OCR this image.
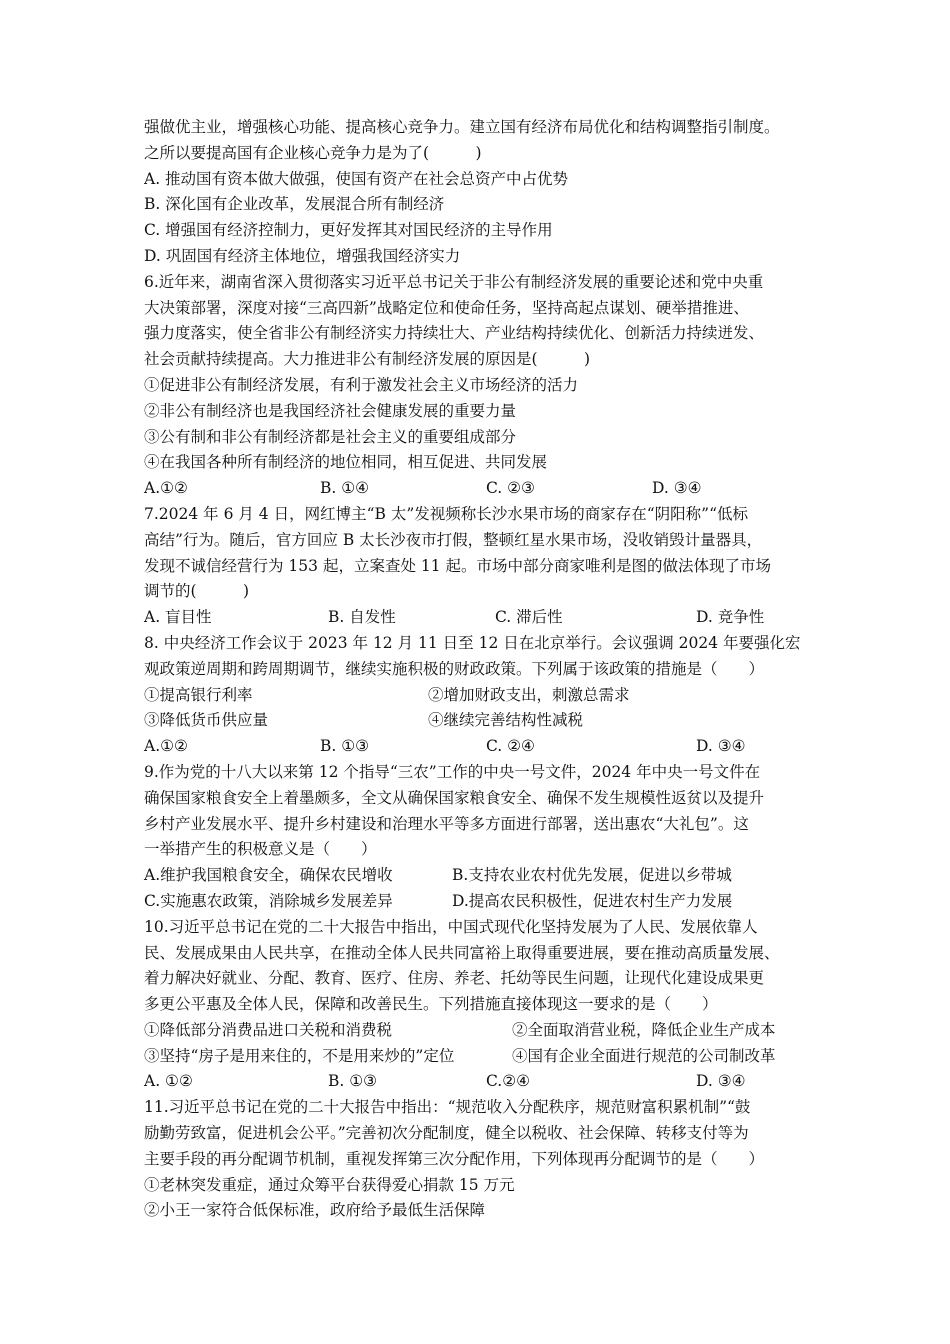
强做优主业，增强核心功能、提高核心竞争力。建立国有经济布局优化和结构调整指引制度。
之所以要提高国有企业核心竞争力是为了(　　　)
A. 推动国有资本做大做强，使国有资产在社会总资产中占优势
B. 深化国有企业改革，发展混合所有制经济
C. 增强国有经济控制力，更好发挥其对国民经济的主导作用
D. 巩固国有经济主体地位，增强我国经济实力
6.近年来，湖南省深入贯彻落实习近平总书记关于非公有制经济发展的重要论述和党中央重
大决策部署，深度对接“三高四新”战略定位和使命任务，坚持高起点谋划、硬举措推进、
强力度落实，使全省非公有制经济实力持续壮大、产业结构持续优化、创新活力持续迸发、
社会贡献持续提高。大力推进非公有制经济发展的原因是(　　　)
①促进非公有制经济发展，有利于激发社会主义市场经济的活力
②非公有制经济也是我国经济社会健康发展的重要力量
③公有制和非公有制经济都是社会主义的重要组成部分
④在我国各种所有制经济的地位相同，相互促进、共同发展
A.①②	B. ①④	C. ②③	D. ③④
7.2024 年 6 月 4 日，网红博主“B 太”发视频称长沙水果市场的商家存在“阴阳称”“低标
高结”行为。随后，官方回应 B 太长沙夜市打假，整顿红星水果市场，没收销毁计量器具，
发现不诚信经营行为 153 起，立案查处 11 起。市场中部分商家唯利是图的做法体现了市场
调节的(　　　)
A. 盲目性	B. 自发性	C. 滞后性	D. 竞争性
8. 中央经济工作会议于 2023 年 12 月 11 日至 12 日在北京举行。会议强调 2024 年要强化宏
观政策逆周期和跨周期调节，继续实施积极的财政政策。下列属于该政策的措施是（　　）
①提高银行利率	②增加财政支出，刺激总需求
③降低货币供应量	④继续完善结构性减税
A.①②	B. ①③	C. ②④	D. ③④
9.作为党的十八大以来第 12 个指导“三农”工作的中央一号文件，2024 年中央一号文件在
确保国家粮食安全上着墨颇多，全文从确保国家粮食安全、确保不发生规模性返贫以及提升
乡村产业发展水平、提升乡村建设和治理水平等多方面进行部署，送出惠农“大礼包”。这
一举措产生的积极意义是（　　）
A.维护我国粮食安全，确保农民增收	B.支持农业农村优先发展，促进以乡带城
C.实施惠农政策，消除城乡发展差异	D.提高农民积极性，促进农村生产力发展
10.习近平总书记在党的二十大报告中指出，中国式现代化坚持发展为了人民、发展依靠人
民、发展成果由人民共享，在推动全体人民共同富裕上取得重要进展，要在推动高质量发展、
着力解决好就业、分配、教育、医疗、住房、养老、托幼等民生问题，让现代化建设成果更
多更公平惠及全体人民，保障和改善民生。下列措施直接体现这一要求的是（　　）
①降低部分消费品进口关税和消费税	②全面取消营业税，降低企业生产成本
③坚持“房子是用来住的，不是用来炒的”定位	④国有企业全面进行规范的公司制改革
A. ①②	B. ①③	C.②④	D. ③④
11.习近平总书记在党的二十大报告中指出：“规范收入分配秩序，规范财富积累机制”“鼓
励勤劳致富，促进机会公平。”完善初次分配制度，健全以税收、社会保障、转移支付等为
主要手段的再分配调节机制，重视发挥第三次分配作用，下列体现再分配调节的是（　　）
①老林突发重症，通过众筹平台获得爱心捐款 15 万元
②小王一家符合低保标准，政府给予最低生活保障
